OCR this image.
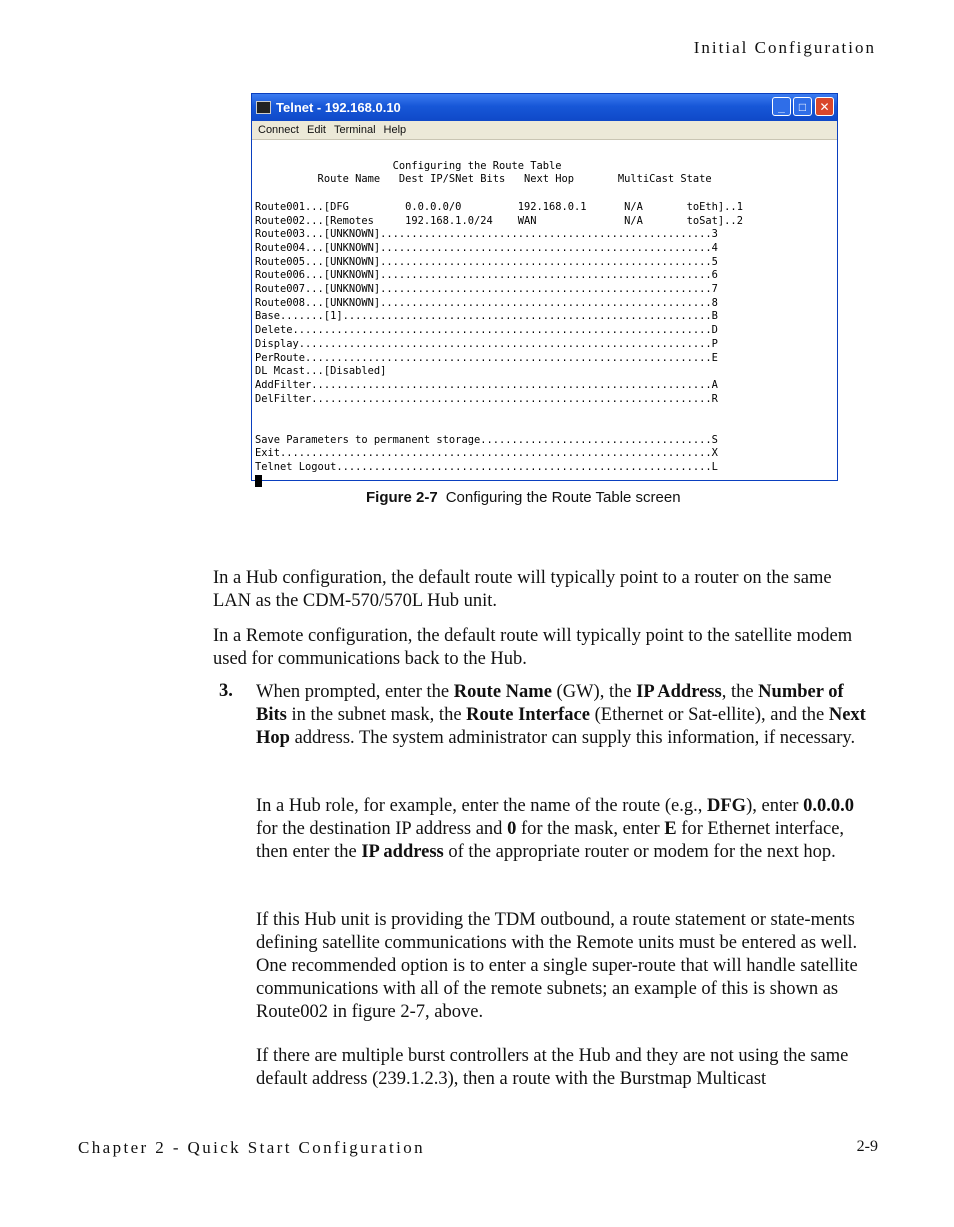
Initial Configuration
Telnet - 192.168.0.10	_	□	✕
Connect Edit Terminal Help

Configuring the Route Table
Route Name   Dest IP/SNet Bits   Next Hop       MultiCast State

Route001...[DFG         0.0.0.0/0         192.168.0.1      N/A       toEth]..1
Route002...[Remotes     192.168.1.0/24    WAN              N/A       toSat]..2
Route003...[UNKNOWN].....................................................3
Route004...[UNKNOWN].....................................................4
Route005...[UNKNOWN].....................................................5
Route006...[UNKNOWN].....................................................6
Route007...[UNKNOWN].....................................................7
Route008...[UNKNOWN].....................................................8
Base.......[1]...........................................................B
Delete...................................................................D
Display..................................................................P
PerRoute.................................................................E
DL Mcast...[Disabled]
AddFilter................................................................A
DelFilter................................................................R

Save Parameters to permanent storage.....................................S
Exit.....................................................................X
Telnet Logout............................................................L
Figure 2-7 Configuring the Route Table screen

In a Hub configuration, the default route will typically point to a router on the same LAN as the CDM-570/570L Hub unit.

In a Remote configuration, the default route will typically point to the satellite modem used for communications back to the Hub.

3. When prompted, enter the Route Name (GW), the IP Address, the Number of Bits in the subnet mask, the Route Interface (Ethernet or Sat-ellite), and the Next Hop address. The system administrator can supply this information, if necessary.

In a Hub role, for example, enter the name of the route (e.g., DFG), enter 0.0.0.0 for the destination IP address and 0 for the mask, enter E for Ethernet interface, then enter the IP address of the appropriate router or modem for the next hop.

If this Hub unit is providing the TDM outbound, a route statement or state-ments defining satellite communications with the Remote units must be entered as well. One recommended option is to enter a single super-route that will handle satellite communications with all of the remote subnets; an example of this is shown as Route002 in figure 2-7, above.

If there are multiple burst controllers at the Hub and they are not using the same default address (239.1.2.3), then a route with the Burstmap Multicast

Chapter 2 - Quick Start Configuration	2-9
